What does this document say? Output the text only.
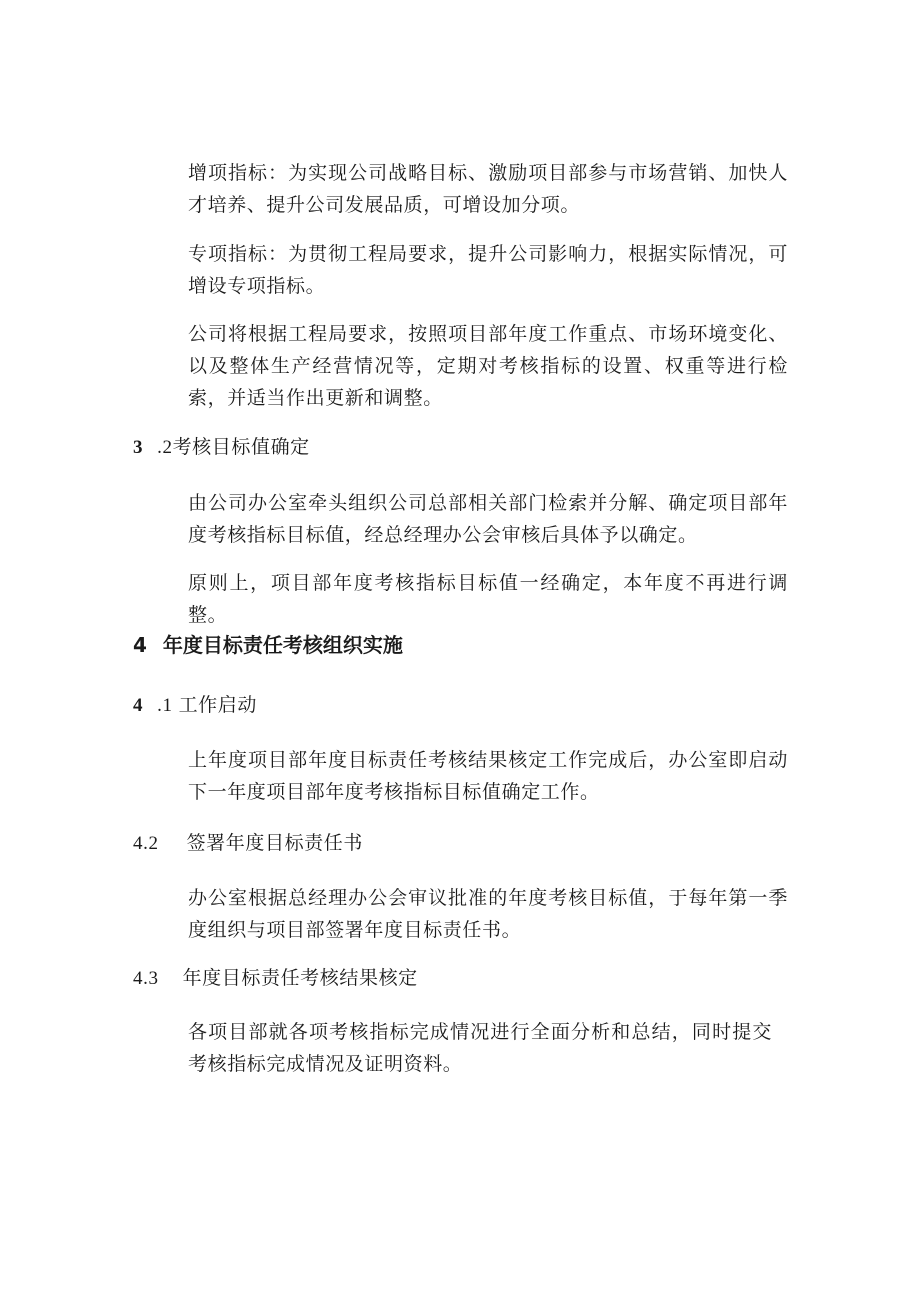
增项指标：为实现公司战略目标、激励项目部参与市场营销、加快人才培养、提升公司发展品质，可增设加分项。

专项指标：为贯彻工程局要求，提升公司影响力，根据实际情况，可增设专项指标。

公司将根据工程局要求，按照项目部年度工作重点、市场环境变化、以及整体生产经营情况等，定期对考核指标的设置、权重等进行检索，并适当作出更新和调整。

3 .2考核目标值确定

由公司办公室牵头组织公司总部相关部门检索并分解、确定项目部年度考核指标目标值，经总经理办公会审核后具体予以确定。

原则上，项目部年度考核指标目标值一经确定，本年度不再进行调整。

4 年度目标责任考核组织实施
4 .1 工作启动

上年度项目部年度目标责任考核结果核定工作完成后，办公室即启动下一年度项目部年度考核指标目标值确定工作。

4.2 签署年度目标责任书

办公室根据总经理办公会审议批准的年度考核目标值，于每年第一季度组织与项目部签署年度目标责任书。

4.3 年度目标责任考核结果核定

各项目部就各项考核指标完成情况进行全面分析和总结，同时提交考核指标完成情况及证明资料。
